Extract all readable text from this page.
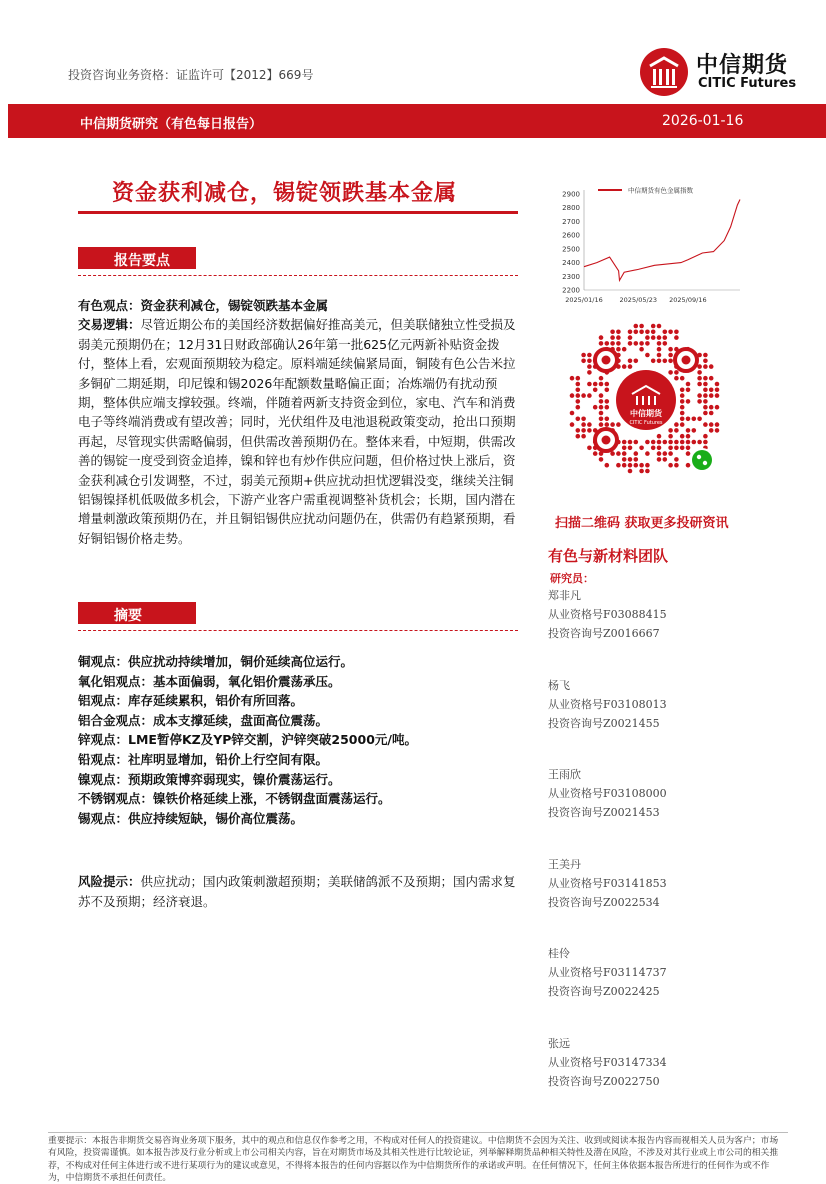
投资咨询业务资格：证监许可【2012】669号	中信期货
CITIC Futures
中信期货研究（有色每日报告）	2026-01-16
资金获利减仓，锡锭领跌基本金属
报告要点

有色观点：资金获利减仓，锡锭领跌基本金属

交易逻辑：尽管近期公布的美国经济数据偏好推高美元，但美联储独立性受损及弱美元预期仍在；12月31日财政部确认26年第一批625亿元两新补贴资金拨付，整体上看，宏观面预期较为稳定。原料端延续偏紧局面，铜陵有色公告米拉多铜矿二期延期，印尼镍和锡2026年配额数量略偏正面；冶炼端仍有扰动预期，整体供应端支撑较强。终端，伴随着两新支持资金到位，家电、汽车和消费电子等终端消费或有望改善；同时，光伏组件及电池退税政策变动，抢出口预期再起，尽管现实供需略偏弱，但供需改善预期仍在。整体来看，中短期，供需改善的锡锭一度受到资金追捧，镍和锌也有炒作供应问题，但价格过快上涨后，资金获利减仓引发调整，不过，弱美元预期+供应扰动担忧逻辑没变，继续关注铜铝锡镍择机低吸做多机会，下游产业客户需重视调整补货机会；长期，国内潜在增量刺激政策预期仍在，并且铜铝锡供应扰动问题仍在，供需仍有趋紧预期，看好铜铝锡价格走势。

摘要
铜观点：供应扰动持续增加，铜价延续高位运行。
氧化铝观点：基本面偏弱，氧化铝价震荡承压。
铝观点：库存延续累积，铝价有所回落。
铝合金观点：成本支撑延续，盘面高位震荡。
锌观点：LME暂停KZ及YP锌交割，沪锌突破25000元/吨。
铅观点：社库明显增加，铅价上行空间有限。
镍观点：预期政策博弈弱现实，镍价震荡运行。
不锈钢观点：镍铁价格延续上涨，不锈钢盘面震荡运行。
锡观点：供应持续短缺，锡价高位震荡。
风险提示：供应扰动；国内政策刺激超预期；美联储鸽派不及预期；国内需求复苏不及预期；经济衰退。
2200
2300
2400
2500
2600
2700
2800
2900
2025/01/16	2025/05/23 2025/09/16
中信期货有色金属指数
中信期货
CITIC Futures
扫描二维码 获取更多投研资讯
有色与新材料团队
研究员：
郑非凡
从业资格号F03088415
投资咨询号Z0016667
杨飞
从业资格号F03108013
投资咨询号Z0021455
王雨欣
从业资格号F03108000
投资咨询号Z0021453
王美丹
从业资格号F03141853
投资咨询号Z0022534
桂伶
从业资格号F03114737
投资咨询号Z0022425
张远
从业资格号F03147334
投资咨询号Z0022750
重要提示：本报告非期货交易咨询业务项下服务，其中的观点和信息仅作参考之用，不构成对任何人的投资建议。中信期货不会因为关注、收到或阅读本报告内容而视相关人员为客户；市场有风险，投资需谨慎。如本报告涉及行业分析或上市公司相关内容，旨在对期货市场及其相关性进行比较论证，列举解释期货品种相关特性及潜在风险，不涉及对其行业或上市公司的相关推荐，不构成对任何主体进行或不进行某项行为的建议或意见，不得将本报告的任何内容据以作为中信期货所作的承诺或声明。在任何情况下，任何主体依据本报告所进行的任何作为或不作为，中信期货不承担任何责任。
